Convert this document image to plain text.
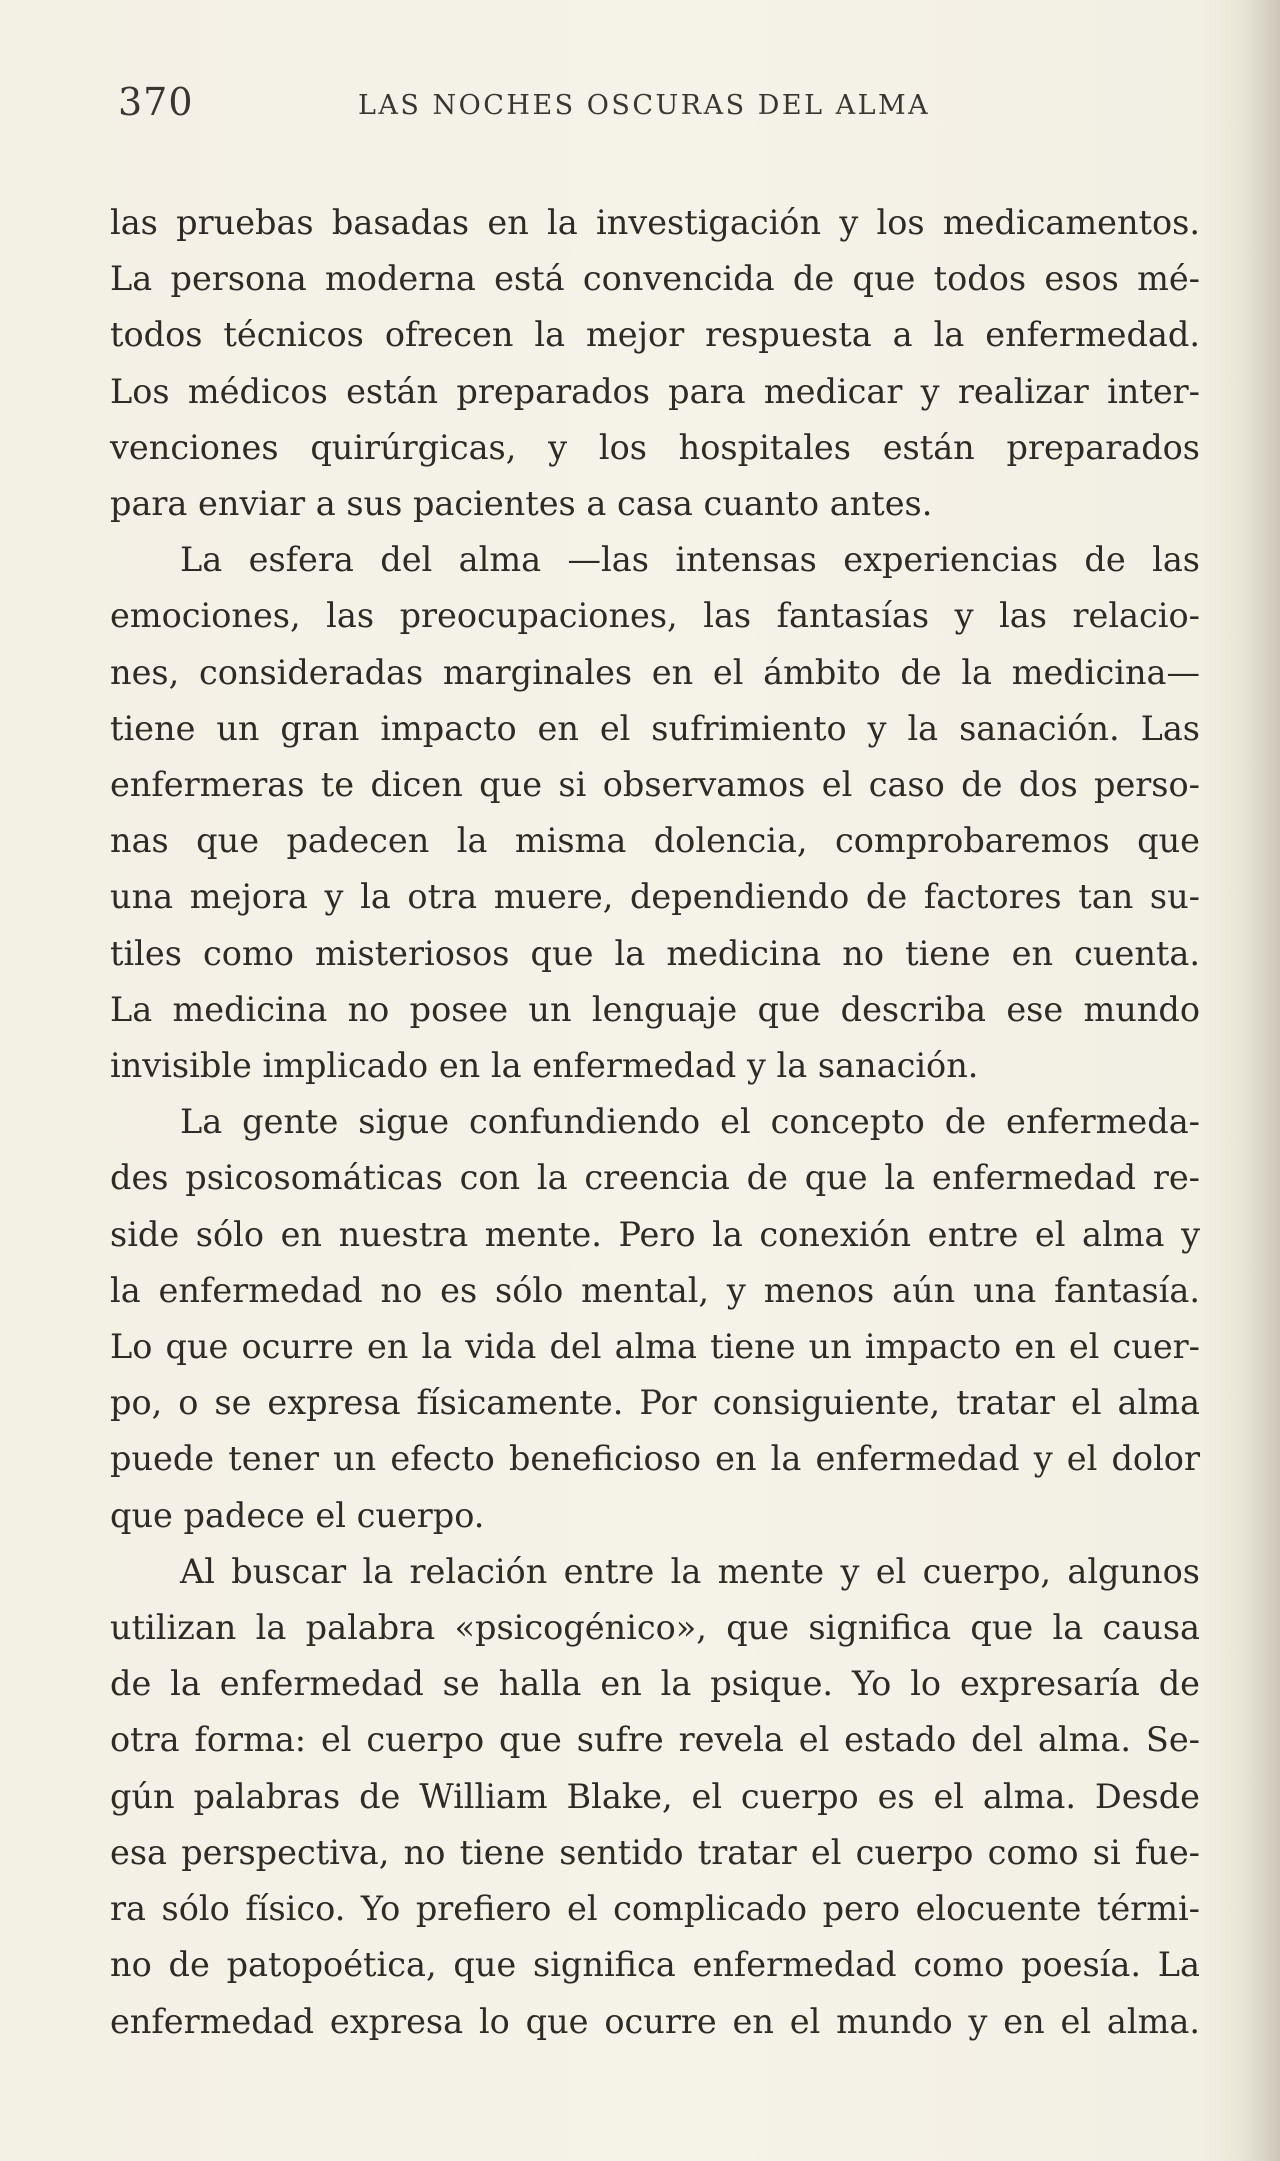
370	LAS NOCHES OSCURAS DEL ALMA
las pruebas basadas en la investigación y los medicamentos.
La persona moderna está convencida de que todos esos mé-
todos técnicos ofrecen la mejor respuesta a la enfermedad.
Los médicos están preparados para medicar y realizar inter-
venciones quirúrgicas, y los hospitales están preparados
para enviar a sus pacientes a casa cuanto antes.
La esfera del alma —las intensas experiencias de las
emociones, las preocupaciones, las fantasías y las relacio-
nes, consideradas marginales en el ámbito de la medicina—
tiene un gran impacto en el sufrimiento y la sanación. Las
enfermeras te dicen que si observamos el caso de dos perso-
nas que padecen la misma dolencia, comprobaremos que
una mejora y la otra muere, dependiendo de factores tan su-
tiles como misteriosos que la medicina no tiene en cuenta.
La medicina no posee un lenguaje que describa ese mundo
invisible implicado en la enfermedad y la sanación.
La gente sigue confundiendo el concepto de enfermeda-
des psicosomáticas con la creencia de que la enfermedad re-
side sólo en nuestra mente. Pero la conexión entre el alma y
la enfermedad no es sólo mental, y menos aún una fantasía.
Lo que ocurre en la vida del alma tiene un impacto en el cuer-
po, o se expresa físicamente. Por consiguiente, tratar el alma
puede tener un efecto beneficioso en la enfermedad y el dolor
que padece el cuerpo.
Al buscar la relación entre la mente y el cuerpo, algunos
utilizan la palabra «psicogénico», que significa que la causa
de la enfermedad se halla en la psique. Yo lo expresaría de
otra forma: el cuerpo que sufre revela el estado del alma. Se-
gún palabras de William Blake, el cuerpo es el alma. Desde
esa perspectiva, no tiene sentido tratar el cuerpo como si fue-
ra sólo físico. Yo prefiero el complicado pero elocuente térmi-
no de patopoética, que significa enfermedad como poesía. La
enfermedad expresa lo que ocurre en el mundo y en el alma.
